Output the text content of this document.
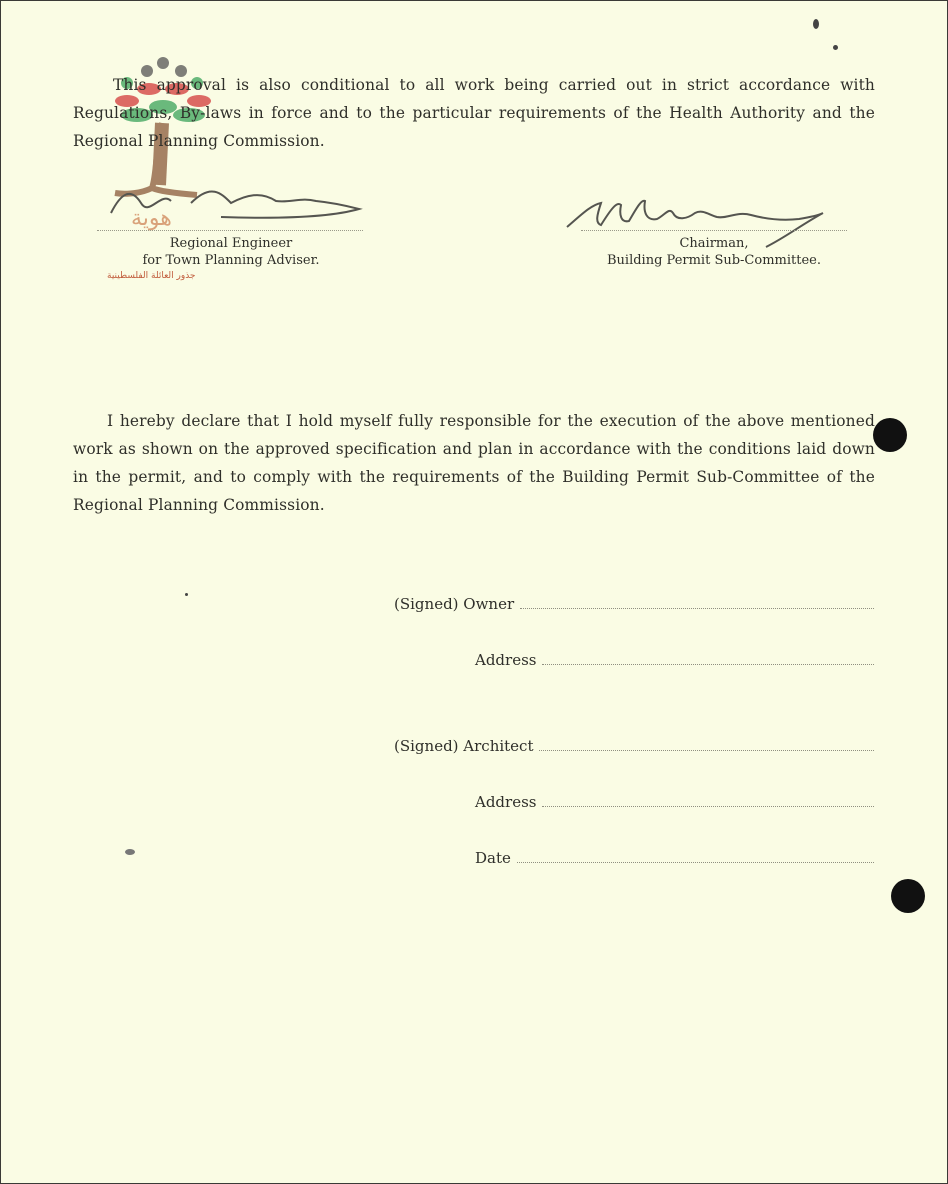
هوية
جذور العائلة الفلسطينية
This approval is also conditional to all work being carried out in strict accordance with Regulations, By-laws in force and to the particular requirements of the Health Authority and the Regional Planning Commission.
Regional Engineer
for Town Planning Adviser.
Chairman,
Building Permit Sub-Committee.
I hereby declare that I hold myself fully responsible for the execution of the above mentioned work as shown on the approved specification and plan in accordance with the conditions laid down in the permit, and to comply with the requirements of the Building Permit Sub-Committee of the Regional Planning Commission.
(Signed) Owner
Address
(Signed) Architect
Address
Date
